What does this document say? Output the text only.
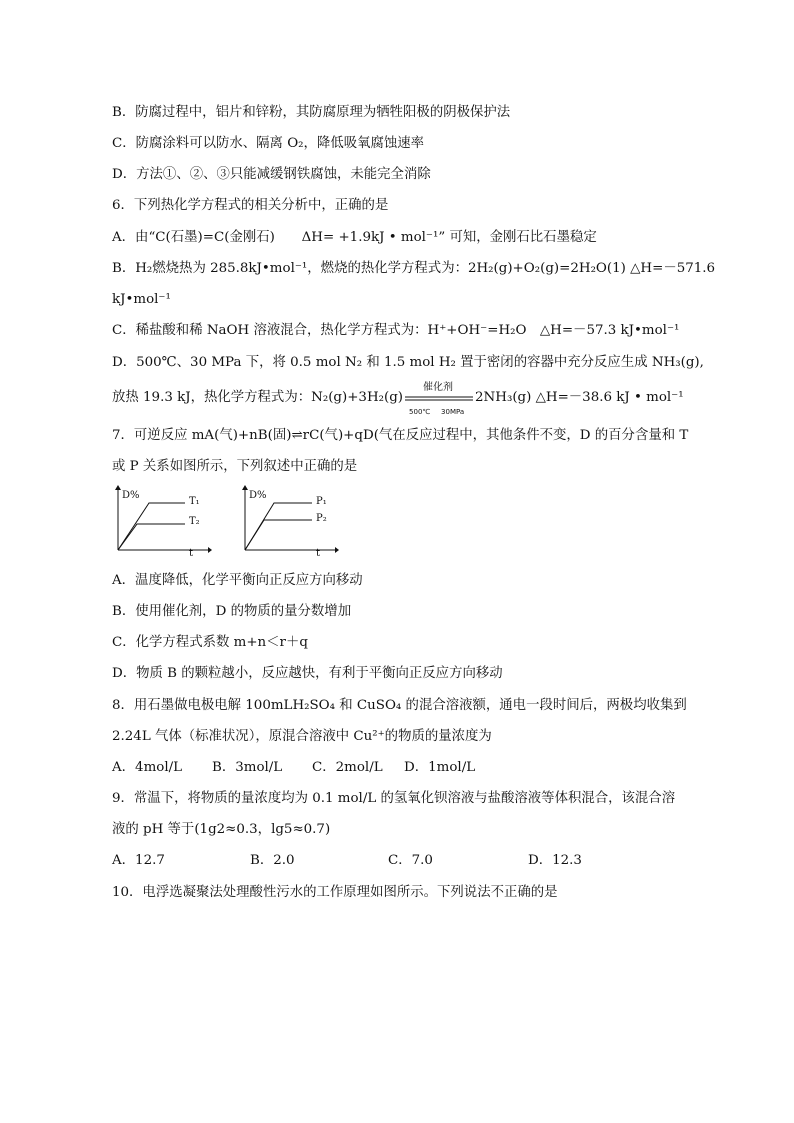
B．防腐过程中，铝片和锌粉，其防腐原理为牺牲阳极的阴极保护法
C．防腐涂料可以防水、隔离 O₂，降低吸氧腐蚀速率
D．方法①、②、③只能减缓钢铁腐蚀，未能完全消除
6．下列热化学方程式的相关分析中，正确的是
A．由“C(石墨)=C(金刚石)　　ΔH= +1.9kJ • mol⁻¹” 可知，金刚石比石墨稳定
B．H₂燃烧热为 285.8kJ•mol⁻¹，燃烧的热化学方程式为：2H₂(g)+O₂(g)=2H₂O(1) △H=－571.6
kJ•mol⁻¹
C．稀盐酸和稀 NaOH 溶液混合，热化学方程式为：H⁺+OH⁻=H₂O　△H=－57.3 kJ•mol⁻¹
D．500℃、30 MPa 下，将 0.5 mol N₂ 和 1.5 mol H₂ 置于密闭的容器中充分反应生成 NH₃(g),
放热 19.3 kJ，热化学方程式为：N₂(g)+3H₂(g)
催化剂
500℃ 30MPa
2NH₃(g) △H=－38.6 kJ • mol⁻¹
7．可逆反应 mA(气)+nB(固)⇌rC(气)+qD(气在反应过程中，其他条件不变，D 的百分含量和 T
或 P 关系如图所示，下列叙述中正确的是
D%
t
T₁
T₂
D%
t
P₁
P₂
A．温度降低，化学平衡向正反应方向移动
B．使用催化剂，D 的物质的量分数增加
C．化学方程式系数 m+n＜r＋q
D．物质 B 的颗粒越小，反应越快，有利于平衡向正反应方向移动
8．用石墨做电极电解 100mLH₂SO₄ 和 CuSO₄ 的混合溶液额，通电一段时间后，两极均收集到
2.24L 气体（标准状况），原混合溶液中 Cu²⁺的物质的量浓度为
A．4mol/L B．3mol/L C．2mol/L D．1mol/L
9．常温下，将物质的量浓度均为 0.1 mol/L 的氢氧化钡溶液与盐酸溶液等体积混合，该混合溶
液的 pH 等于(1g2≈0.3，lg5≈0.7)
A．12.7	B．2.0	C．7.0	D．12.3
10．电浮选凝聚法处理酸性污水的工作原理如图所示。下列说法不正确的是
